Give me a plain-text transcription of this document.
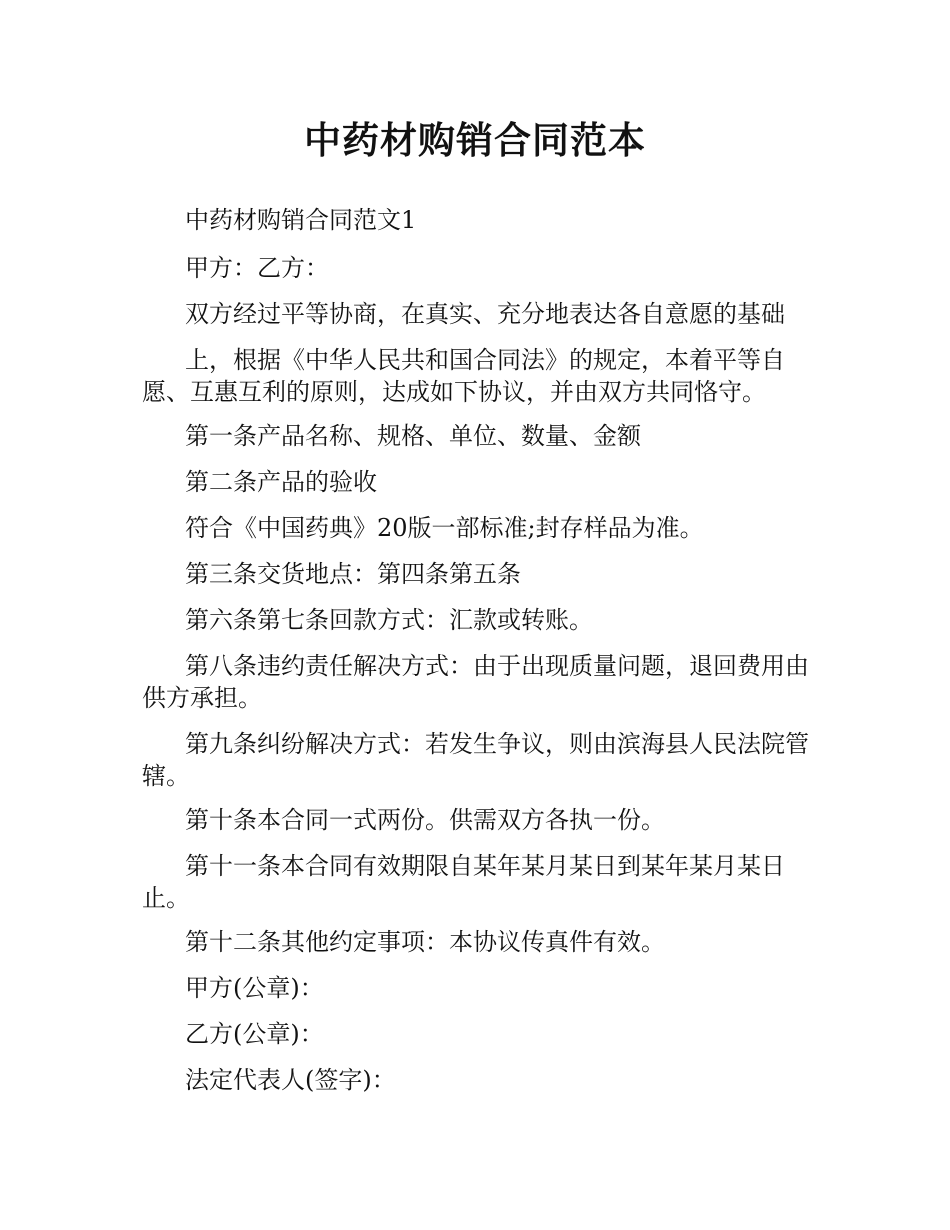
中药材购销合同范本

中药材购销合同范文1

甲方：乙方：

双方经过平等协商，在真实、充分地表达各自意愿的基础

上，根据《中华人民共和国合同法》的规定，本着平等自愿、互惠互利的原则，达成如下协议，并由双方共同恪守。

第一条产品名称、规格、单位、数量、金额

第二条产品的验收

符合《中国药典》20版一部标准;封存样品为准。

第三条交货地点：第四条第五条

第六条第七条回款方式：汇款或转账。

第八条违约责任解决方式：由于出现质量问题，退回费用由供方承担。

第九条纠纷解决方式：若发生争议，则由滨海县人民法院管辖。

第十条本合同一式两份。供需双方各执一份。

第十一条本合同有效期限自某年某月某日到某年某月某日止。

第十二条其他约定事项：本协议传真件有效。

甲方(公章)：

乙方(公章)：

法定代表人(签字)：
